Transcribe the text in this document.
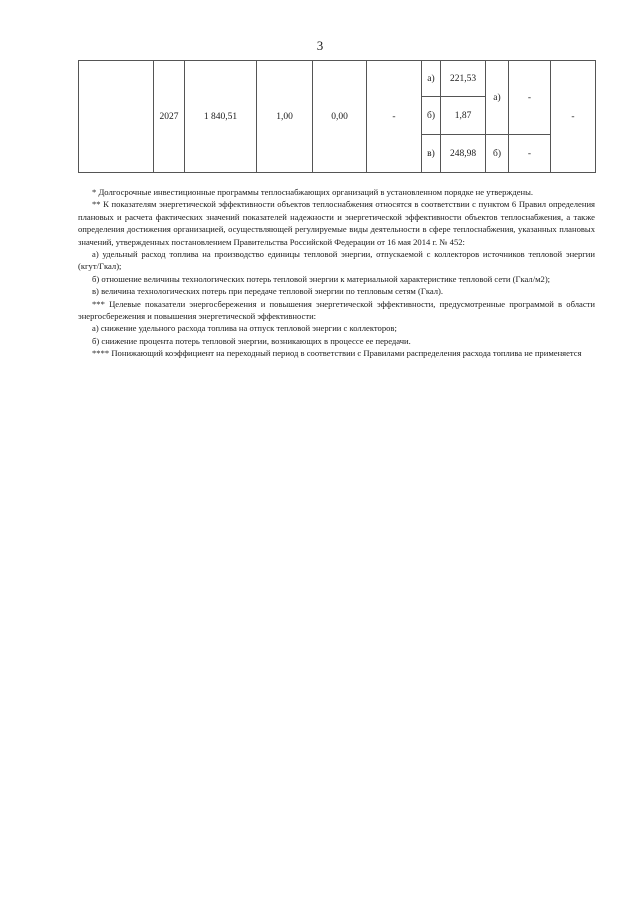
3
	2027	1 840,51	1,00	0,00	-	а)	221,53	а)	-	-
						б)	1,87			
						в)	248,98	б)	-	

* Долгосрочные инвестиционные программы теплоснабжающих организаций в установленном порядке не утверждены.

** К показателям энергетической эффективности объектов теплоснабжения относятся в соответствии с пунктом 6 Правил определения плановых и расчета фактических значений показателей надежности и энергетической эффективности объектов теплоснабжения, а также определения достижения организацией, осуществляющей регулируемые виды деятельности в сфере теплоснабжения, указанных плановых значений, утвержденных постановлением Правительства Российской Федерации от 16 мая 2014 г. № 452:

а) удельный расход топлива на производство единицы тепловой энергии, отпускаемой с коллекторов источников тепловой энергии (кгут/Гкал);

б) отношение величины технологических потерь тепловой энергии к материальной характеристике тепловой сети (Гкал/м2);

в) величина технологических потерь при передаче тепловой энергии по тепловым сетям (Гкал).

*** Целевые показатели энергосбережения и повышения энергетической эффективности, предусмотренные программой в области энергосбережения и повышения энергетической эффективности:

а) снижение удельного расхода топлива на отпуск тепловой энергии с коллекторов;

б) снижение процента потерь тепловой энергии, возникающих в процессе ее передачи.

**** Понижающий коэффициент на переходный период в соответствии с Правилами распределения расхода топлива не применяется
